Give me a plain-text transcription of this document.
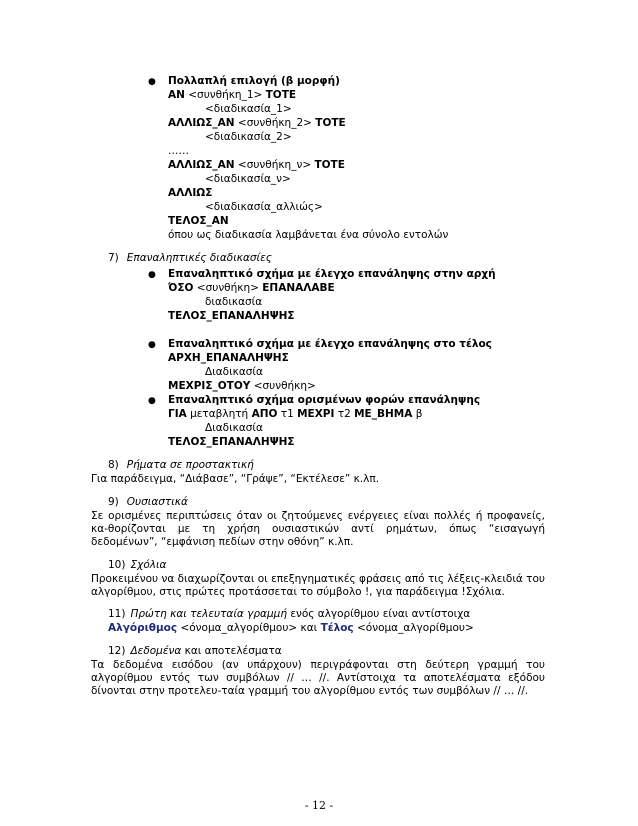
● Πολλαπλή επιλογή (β μορφή)
ΑΝ <συνθήκη_1> ΤΟΤΕ
<διαδικασία_1>
ΑΛΛΙΩΣ_ΑΝ <συνθήκη_2> ΤΟΤΕ
<διαδικασία_2>
……
ΑΛΛΙΩΣ_ΑΝ <συνθήκη_ν> ΤΟΤΕ
<διαδικασία_ν>
ΑΛΛΙΩΣ
<διαδικασία_αλλιώς>
ΤΕΛΟΣ_ΑΝ
όπου ως διαδικασία λαμβάνεται ένα σύνολο εντολών
7) Επαναληπτικές διαδικασίες
● Επαναληπτικό σχήμα με έλεγχο επανάληψης στην αρχή
ΌΣΟ <συνθήκη> ΕΠΑΝΑΛΑΒΕ
διαδικασία
ΤΕΛΟΣ_ΕΠΑΝΑΛΗΨΗΣ
● Επαναληπτικό σχήμα με έλεγχο επανάληψης στο τέλος
ΑΡΧΗ_ΕΠΑΝΑΛΗΨΗΣ
Διαδικασία
ΜΕΧΡΙΣ_ΟΤΟΥ <συνθήκη>
● Επαναληπτικό σχήμα ορισμένων φορών επανάληψης
ΓΙΑ μεταβλητή ΑΠΟ τ1 ΜΕΧΡΙ τ2 ΜΕ_ΒΗΜΑ β
Διαδικασία
ΤΕΛΟΣ_ΕΠΑΝΑΛΗΨΗΣ
8) Ρήματα σε προστακτική
Για παράδειγμα, “Διάβασε”, “Γράψε”, “Εκτέλεσε” κ.λπ.
9) Ουσιαστικά
Σε ορισμένες περιπτώσεις όταν οι ζητούμενες ενέργειες είναι πολλές ή προφανείς, κα-θορίζονται με τη χρήση ουσιαστικών αντί ρημάτων, όπως “εισαγωγή δεδομένων”, “εμφάνιση πεδίων στην οθόνη” κ.λπ.
10) Σχόλια
Προκειμένου να διαχωρίζονται οι επεξηγηματικές φράσεις από τις λέξεις-κλειδιά του αλγορίθμου, στις πρώτες προτάσσεται το σύμβολο !, για παράδειγμα !Σχόλια.
11) Πρώτη και τελευταία γραμμή ενός αλγορίθμου είναι αντίστοιχα
Αλγόριθμος <όνομα_αλγορίθμου> και Τέλος <όνομα_αλγορίθμου>
12) Δεδομένα και αποτελέσματα
Τα δεδομένα εισόδου (αν υπάρχουν) περιγράφονται στη δεύτερη γραμμή του αλγορίθμου εντός των συμβόλων // … //. Αντίστοιχα τα αποτελέσματα εξόδου δίνονται στην προτελευ-ταία γραμμή του αλγορίθμου εντός των συμβόλων // … //.
- 12 -
